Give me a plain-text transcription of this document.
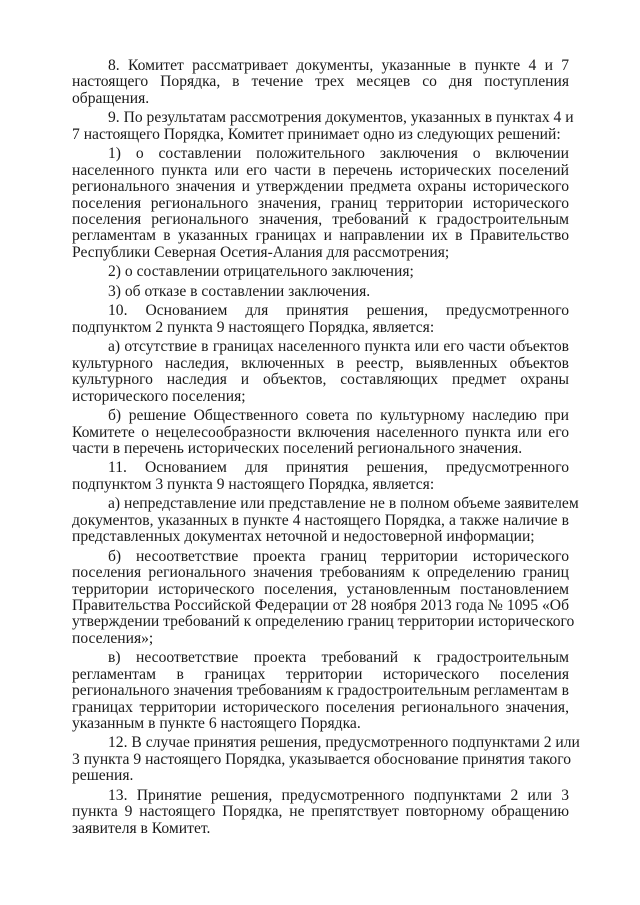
8. Комитет рассматривает документы, указанные в пункте 4 и 7
настоящего Порядка, в течение трех месяцев со дня поступления
обращения.
9. По результатам рассмотрения документов, указанных в пунктах 4 и
7 настоящего Порядка, Комитет принимает одно из следующих решений:
1) о составлении положительного заключения о включении
населенного пункта или его части в перечень исторических поселений
регионального значения и утверждении предмета охраны исторического
поселения регионального значения, границ территории исторического
поселения регионального значения, требований к градостроительным
регламентам в указанных границах и направлении их в Правительство
Республики Северная Осетия-Алания для рассмотрения;
2) о составлении отрицательного заключения;
3) об отказе в составлении заключения.
10. Основанием для принятия решения, предусмотренного
подпунктом 2 пункта 9 настоящего Порядка, является:
а) отсутствие в границах населенного пункта или его части объектов
культурного наследия, включенных в реестр, выявленных объектов
культурного наследия и объектов, составляющих предмет охраны
исторического поселения;
б) решение Общественного совета по культурному наследию при
Комитете о нецелесообразности включения населенного пункта или его
части в перечень исторических поселений регионального значения.
11. Основанием для принятия решения, предусмотренного
подпунктом 3 пункта 9 настоящего Порядка, является:
а) непредставление или представление не в полном объеме заявителем
документов, указанных в пункте 4 настоящего Порядка, а также наличие в
представленных документах неточной и недостоверной информации;
б) несоответствие проекта границ территории исторического
поселения регионального значения требованиям к определению границ
территории исторического поселения, установленным постановлением
Правительства Российской Федерации от 28 ноября 2013 года № 1095 «Об
утверждении требований к определению границ территории исторического
поселения»;
в) несоответствие проекта требований к градостроительным
регламентам в границах территории исторического поселения
регионального значения требованиям к градостроительным регламентам в
границах территории исторического поселения регионального значения,
указанным в пункте 6 настоящего Порядка.
12. В случае принятия решения, предусмотренного подпунктами 2 или
3 пункта 9 настоящего Порядка, указывается обоснование принятия такого
решения.
13. Принятие решения, предусмотренного подпунктами 2 или 3
пункта 9 настоящего Порядка, не препятствует повторному обращению
заявителя в Комитет.
